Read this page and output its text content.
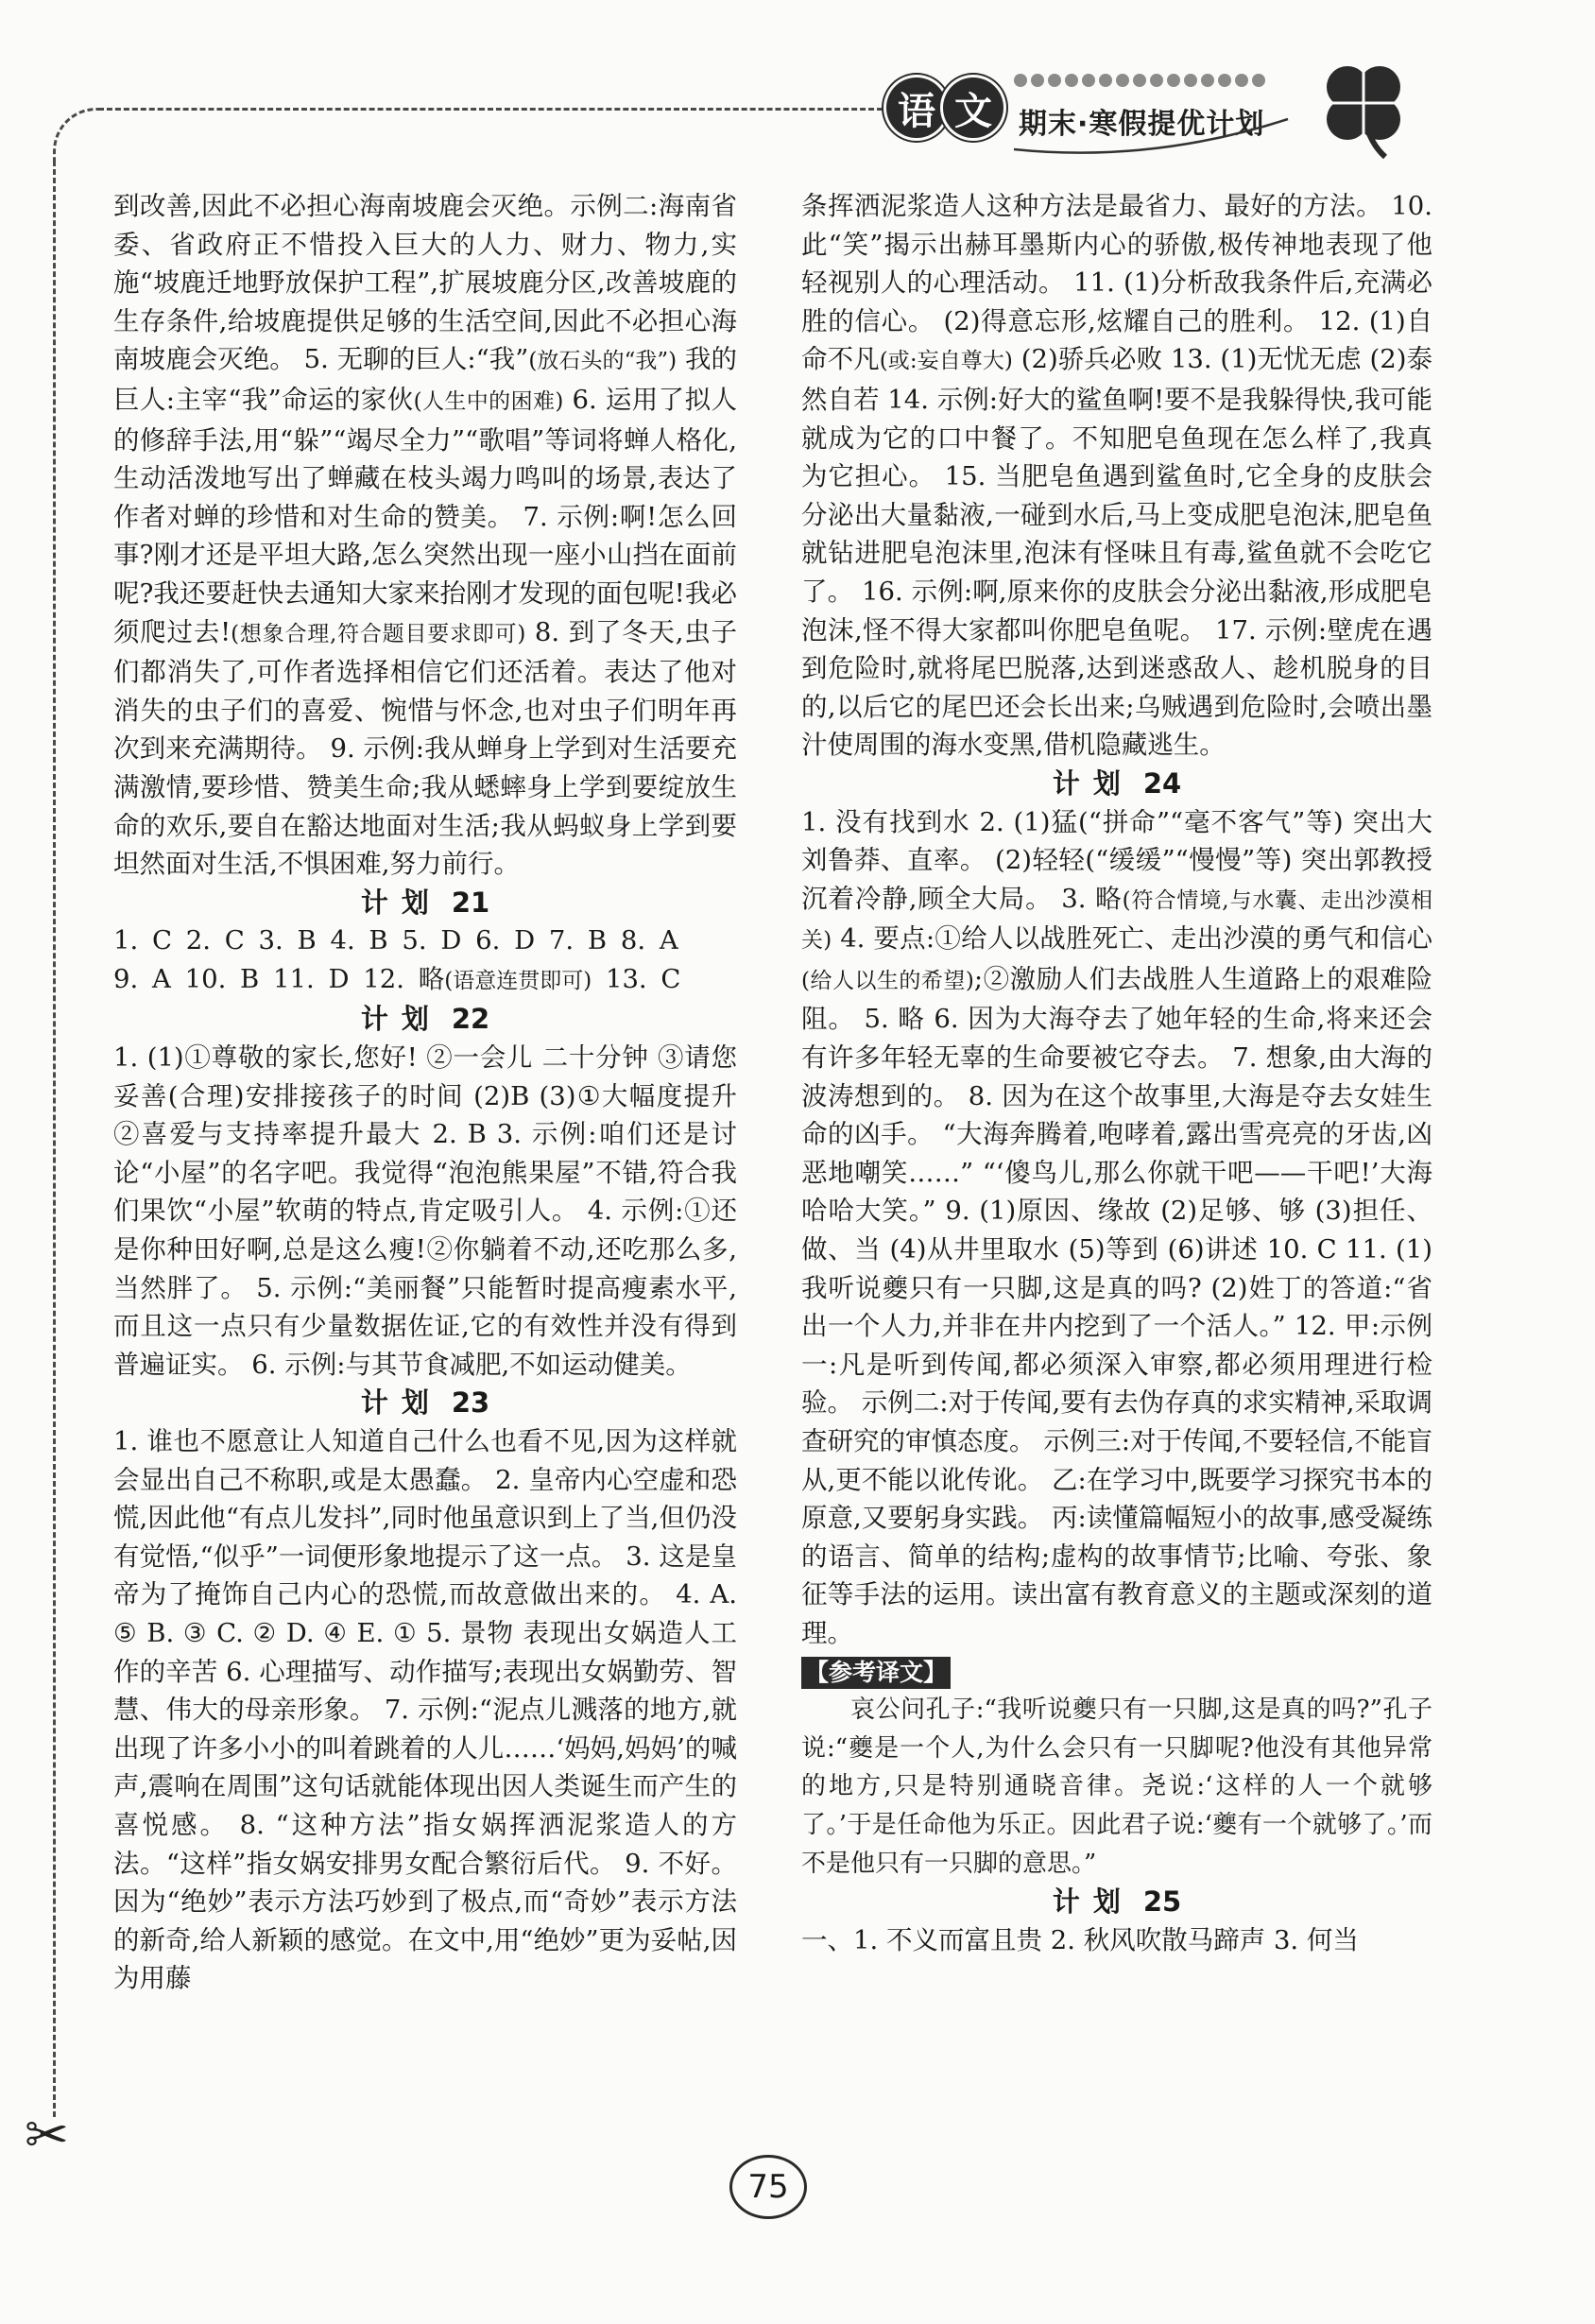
✂
语 文 期末·寒假提优计划

到改善,因此不必担心海南坡鹿会灭绝。示例二:海南省委、省政府正不惜投入巨大的人力、财力、物力,实施“坡鹿迁地野放保护工程”,扩展坡鹿分区,改善坡鹿的生存条件,给坡鹿提供足够的生活空间,因此不必担心海南坡鹿会灭绝。 5. 无聊的巨人:“我”(放石头的“我”) 我的巨人:主宰“我”命运的家伙(人生中的困难) 6. 运用了拟人的修辞手法,用“躲”“竭尽全力”“歌唱”等词将蝉人格化,生动活泼地写出了蝉藏在枝头竭力鸣叫的场景,表达了作者对蝉的珍惜和对生命的赞美。 7. 示例:啊!怎么回事?刚才还是平坦大路,怎么突然出现一座小山挡在面前呢?我还要赶快去通知大家来抬刚才发现的面包呢!我必须爬过去!(想象合理,符合题目要求即可) 8. 到了冬天,虫子们都消失了,可作者选择相信它们还活着。表达了他对消失的虫子们的喜爱、惋惜与怀念,也对虫子们明年再次到来充满期待。 9. 示例:我从蝉身上学到对生活要充满激情,要珍惜、赞美生命;我从蟋蟀身上学到要绽放生命的欢乐,要自在豁达地面对生活;我从蚂蚁身上学到要坦然面对生活,不惧困难,努力前行。

计划 21

1. C 2. C 3. B 4. B 5. D 6. D 7. B 8. A
9. A 10. B 11. D 12. 略(语意连贯即可) 13. C

计划 22

1. (1)①尊敬的家长,您好! ②一会儿 二十分钟 ③请您妥善(合理)安排接孩子的时间 (2)B (3)①大幅度提升 ②喜爱与支持率提升最大 2. B 3. 示例:咱们还是讨论“小屋”的名字吧。我觉得“泡泡熊果屋”不错,符合我们果饮“小屋”软萌的特点,肯定吸引人。 4. 示例:①还是你种田好啊,总是这么瘦!②你躺着不动,还吃那么多,当然胖了。 5. 示例:“美丽餐”只能暂时提高瘦素水平,而且这一点只有少量数据佐证,它的有效性并没有得到普遍证实。 6. 示例:与其节食减肥,不如运动健美。

计划 23

1. 谁也不愿意让人知道自己什么也看不见,因为这样就会显出自己不称职,或是太愚蠢。 2. 皇帝内心空虚和恐慌,因此他“有点儿发抖”,同时他虽意识到上了当,但仍没有觉悟,“似乎”一词便形象地提示了这一点。 3. 这是皇帝为了掩饰自己内心的恐慌,而故意做出来的。 4. A. ⑤ B. ③ C. ② D. ④ E. ① 5. 景物 表现出女娲造人工作的辛苦 6. 心理描写、动作描写;表现出女娲勤劳、智慧、伟大的母亲形象。 7. 示例:“泥点儿溅落的地方,就出现了许多小小的叫着跳着的人儿……‘妈妈,妈妈’的喊声,震响在周围”这句话就能体现出因人类诞生而产生的喜悦感。 8. “这种方法”指女娲挥洒泥浆造人的方法。“这样”指女娲安排男女配合繁衍后代。 9. 不好。因为“绝妙”表示方法巧妙到了极点,而“奇妙”表示方法的新奇,给人新颖的感觉。在文中,用“绝妙”更为妥帖,因为用藤

条挥洒泥浆造人这种方法是最省力、最好的方法。 10. 此“笑”揭示出赫耳墨斯内心的骄傲,极传神地表现了他轻视别人的心理活动。 11. (1)分析敌我条件后,充满必胜的信心。 (2)得意忘形,炫耀自己的胜利。 12. (1)自命不凡(或:妄自尊大) (2)骄兵必败 13. (1)无忧无虑 (2)泰然自若 14. 示例:好大的鲨鱼啊!要不是我躲得快,我可能就成为它的口中餐了。不知肥皂鱼现在怎么样了,我真为它担心。 15. 当肥皂鱼遇到鲨鱼时,它全身的皮肤会分泌出大量黏液,一碰到水后,马上变成肥皂泡沫,肥皂鱼就钻进肥皂泡沫里,泡沫有怪味且有毒,鲨鱼就不会吃它了。 16. 示例:啊,原来你的皮肤会分泌出黏液,形成肥皂泡沫,怪不得大家都叫你肥皂鱼呢。 17. 示例:壁虎在遇到危险时,就将尾巴脱落,达到迷惑敌人、趁机脱身的目的,以后它的尾巴还会长出来;乌贼遇到危险时,会喷出墨汁使周围的海水变黑,借机隐藏逃生。

计划 24

1. 没有找到水 2. (1)猛(“拼命”“毫不客气”等) 突出大刘鲁莽、直率。 (2)轻轻(“缓缓”“慢慢”等) 突出郭教授沉着冷静,顾全大局。 3. 略(符合情境,与水囊、走出沙漠相关) 4. 要点:①给人以战胜死亡、走出沙漠的勇气和信心(给人以生的希望);②激励人们去战胜人生道路上的艰难险阻。 5. 略 6. 因为大海夺去了她年轻的生命,将来还会有许多年轻无辜的生命要被它夺去。 7. 想象,由大海的波涛想到的。 8. 因为在这个故事里,大海是夺去女娃生命的凶手。 “大海奔腾着,咆哮着,露出雪亮亮的牙齿,凶恶地嘲笑……” “‘傻鸟儿,那么你就干吧——干吧!’大海哈哈大笑。” 9. (1)原因、缘故 (2)足够、够 (3)担任、做、当 (4)从井里取水 (5)等到 (6)讲述 10. C 11. (1)我听说夔只有一只脚,这是真的吗? (2)姓丁的答道:“省出一个人力,并非在井内挖到了一个活人。” 12. 甲:示例一:凡是听到传闻,都必须深入审察,都必须用理进行检验。 示例二:对于传闻,要有去伪存真的求实精神,采取调查研究的审慎态度。 示例三:对于传闻,不要轻信,不能盲从,更不能以讹传讹。 乙:在学习中,既要学习探究书本的原意,又要躬身实践。 丙:读懂篇幅短小的故事,感受凝练的语言、简单的结构;虚构的故事情节;比喻、夸张、象征等手法的运用。读出富有教育意义的主题或深刻的道理。

【参考译文】

哀公问孔子:“我听说夔只有一只脚,这是真的吗?”孔子说:“夔是一个人,为什么会只有一只脚呢?他没有其他异常的地方,只是特别通晓音律。尧说:‘这样的人一个就够了。’于是任命他为乐正。因此君子说:‘夔有一个就够了。’而不是他只有一只脚的意思。”

计划 25

一、1. 不义而富且贵 2. 秋风吹散马蹄声 3. 何当

75
